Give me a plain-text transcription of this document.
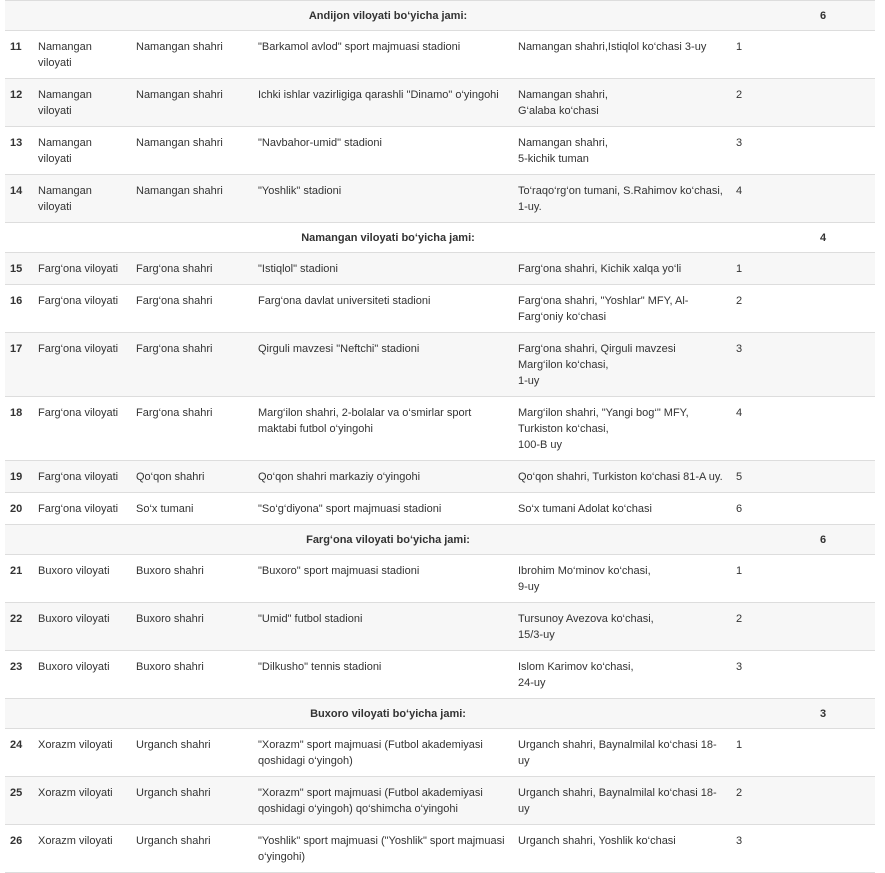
Andijon viloyati bo‘yicha jami:						6
11	Namangan viloyati	Namangan shahri	"Barkamol avlod" sport majmuasi stadioni	Namangan shahri,Istiqlol ko‘chasi 3-uy	1	
12	Namangan viloyati	Namangan shahri	Ichki ishlar vazirligiga qarashli "Dinamo" o‘yingohi	Namangan shahri,
G‘alaba ko‘chasi	2	
13	Namangan viloyati	Namangan shahri	"Navbahor-umid" stadioni	Namangan shahri,
5-kichik tuman	3	
14	Namangan viloyati	Namangan shahri	"Yoshlik" stadioni	To‘raqo‘rg‘on tumani, S.Rahimov ko‘chasi, 1-uy.	4	
Namangan viloyati bo‘yicha jami:						4
15	Farg‘ona viloyati	Farg‘ona shahri	"Istiqlol" stadioni	Farg‘ona shahri, Kichik xalqa yo‘li	1	
16	Farg‘ona viloyati	Farg‘ona shahri	Farg‘ona davlat universiteti stadioni	Farg‘ona shahri, "Yoshlar" MFY, Al-Farg‘oniy ko‘chasi	2	
17	Farg‘ona viloyati	Farg‘ona shahri	Qirguli mavzesi "Neftchi" stadioni	Farg‘ona shahri, Qirguli mavzesi
Marg‘ilon ko‘chasi,
1-uy	3	
18	Farg‘ona viloyati	Farg‘ona shahri	Marg‘ilon shahri, 2-bolalar va o‘smirlar sport maktabi futbol o‘yingohi	Marg‘ilon shahri, "Yangi bog‘" MFY,
Turkiston ko‘chasi,
100-B uy	4	
19	Farg‘ona viloyati	Qo‘qon shahri	Qo‘qon shahri markaziy o‘yingohi	Qo‘qon shahri, Turkiston ko‘chasi 81-A uy.	5	
20	Farg‘ona viloyati	So‘x tumani	"So‘g‘diyona" sport majmuasi stadioni	So‘x tumani Adolat ko‘chasi	6	
Farg‘ona viloyati bo‘yicha jami:						6
21	Buxoro viloyati	Buxoro shahri	"Buxoro" sport majmuasi stadioni	Ibrohim Mo‘minov ko‘chasi,
9-uy	1	
22	Buxoro viloyati	Buxoro shahri	"Umid" futbol stadioni	Tursunoy Avezova ko‘chasi,
15/3-uy	2	
23	Buxoro viloyati	Buxoro shahri	"Dilkusho" tennis stadioni	Islom Karimov ko‘chasi,
24-uy	3	
Buxoro viloyati bo‘yicha jami:						3
24	Xorazm viloyati	Urganch shahri	"Xorazm" sport majmuasi (Futbol akademiyasi qoshidagi o‘yingoh)	Urganch shahri, Baynalmilal ko‘chasi 18-uy	1	
25	Xorazm viloyati	Urganch shahri	"Xorazm" sport majmuasi (Futbol akademiyasi qoshidagi o‘yingoh) qo‘shimcha o‘yingohi	Urganch shahri, Baynalmilal ko‘chasi 18-uy	2	
26	Xorazm viloyati	Urganch shahri	"Yoshlik" sport majmuasi ("Yoshlik" sport majmuasi o‘yingohi)	Urganch shahri, Yoshlik ko‘chasi	3	
